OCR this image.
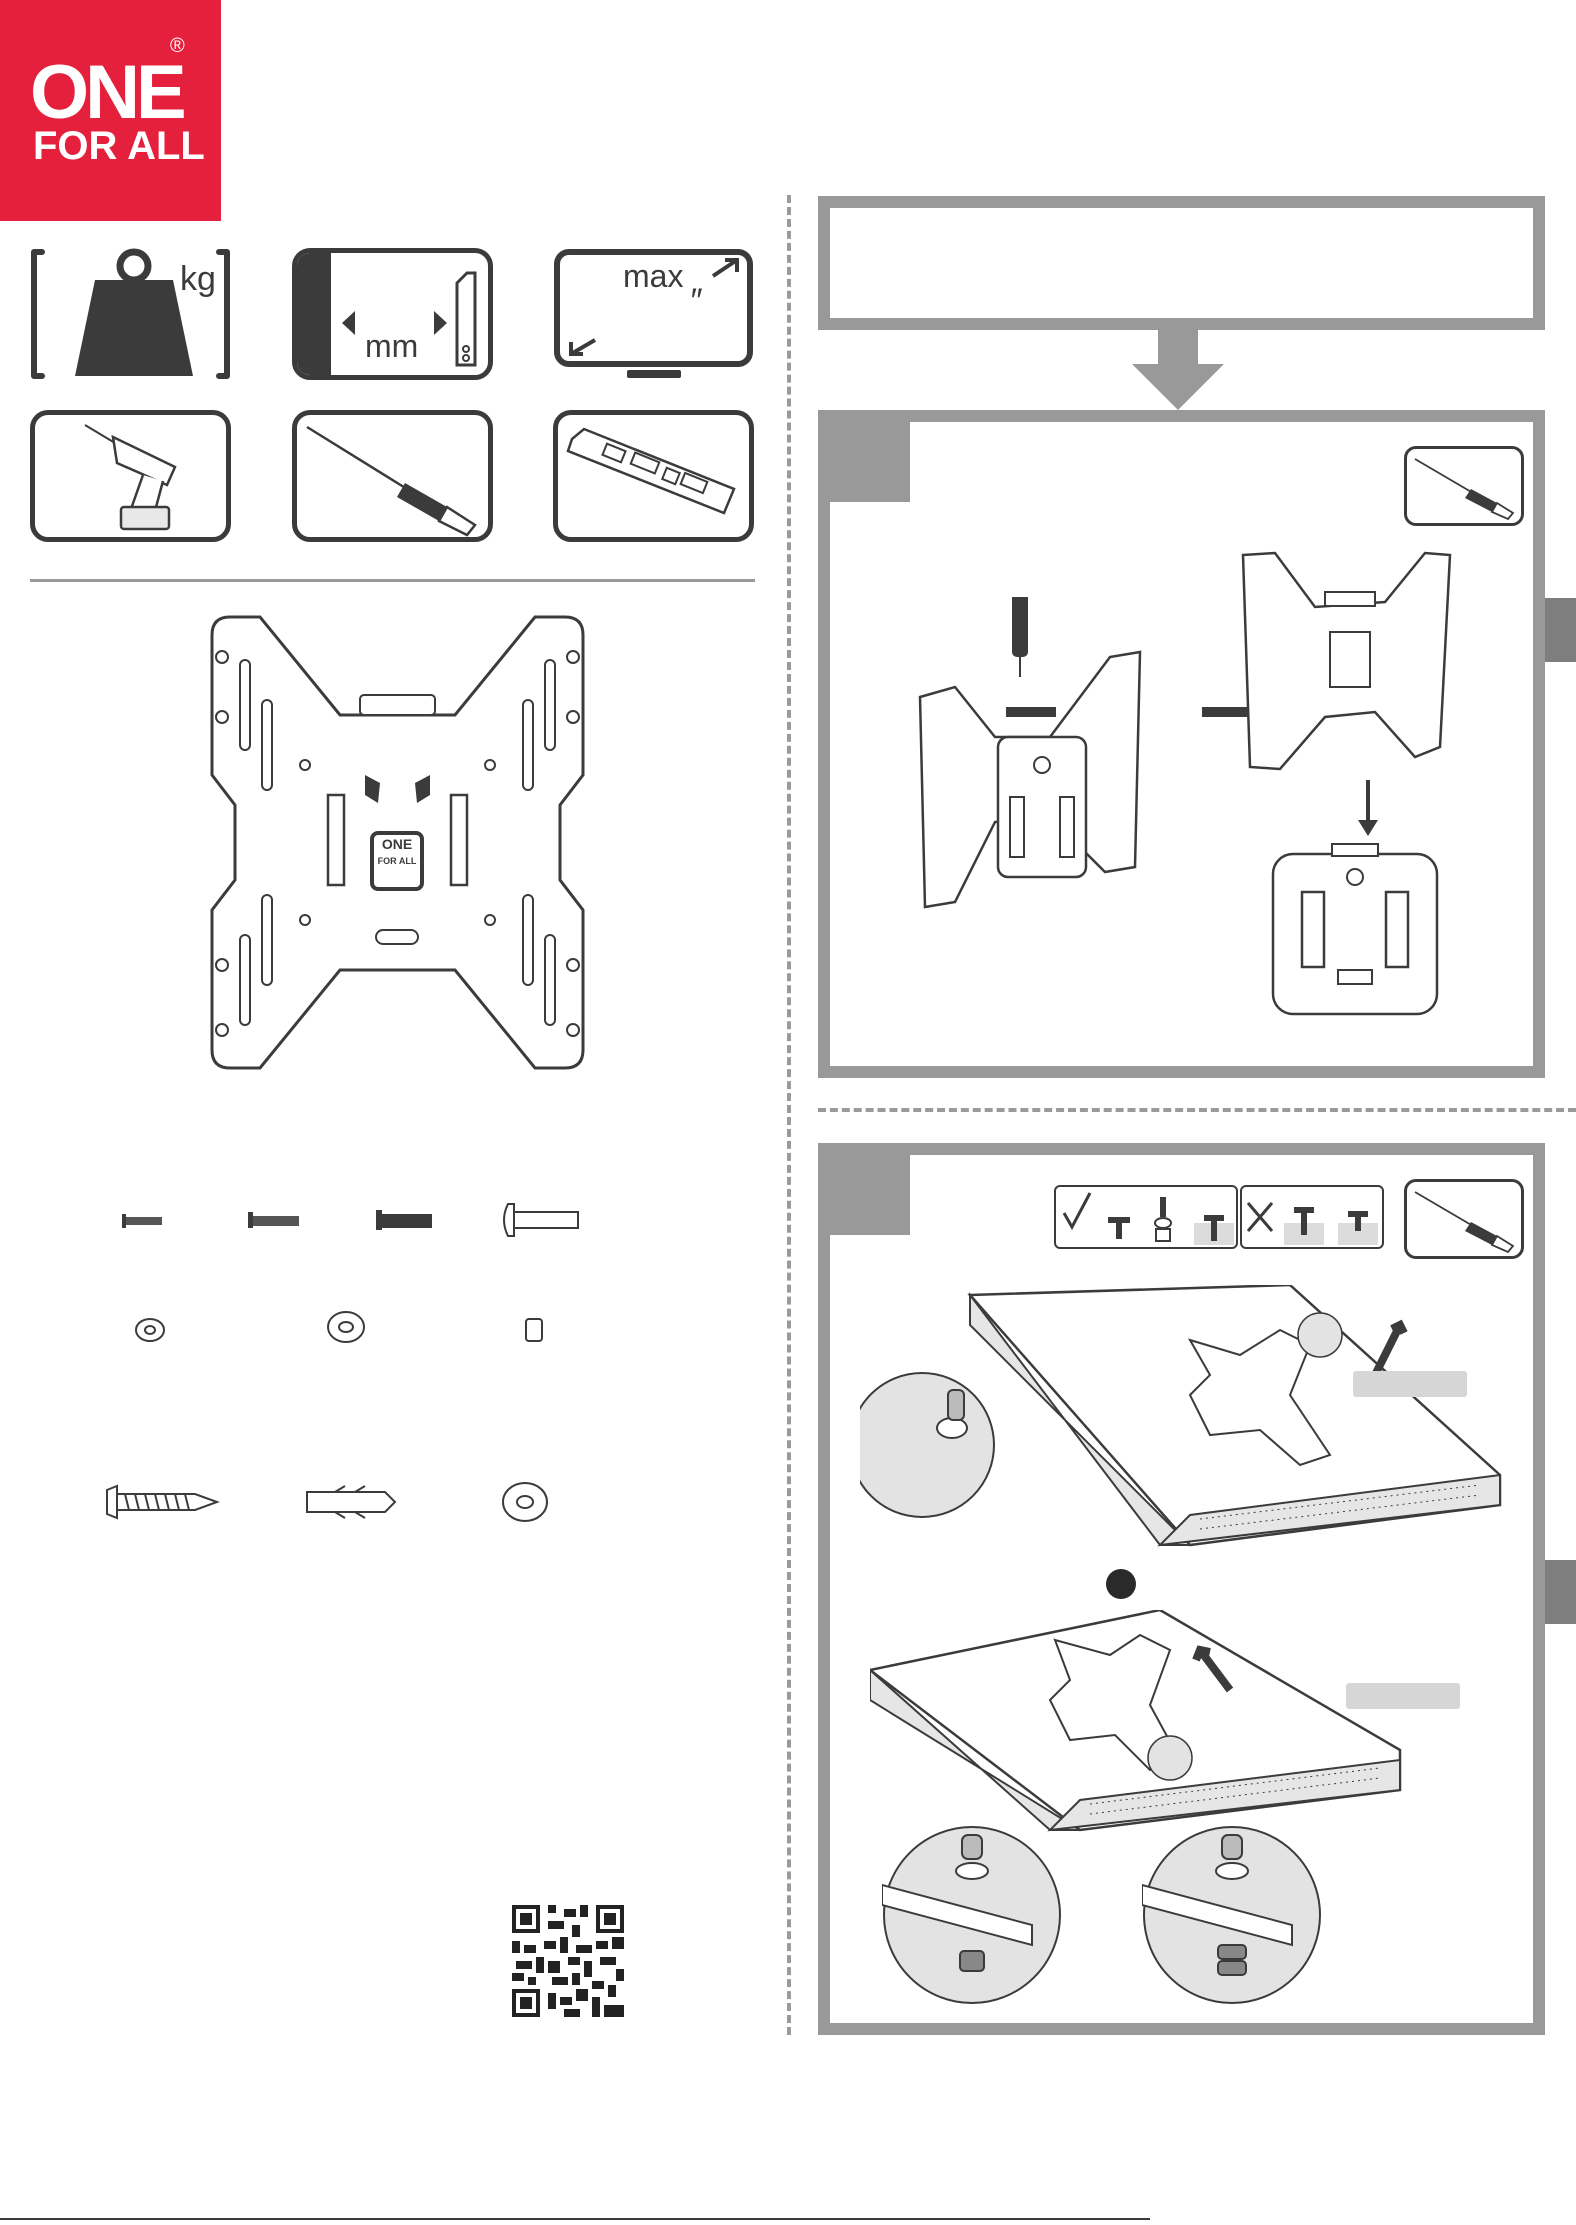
ONE
®
FOR ALL
kg
mm
max
″
ONE
FOR ALL
